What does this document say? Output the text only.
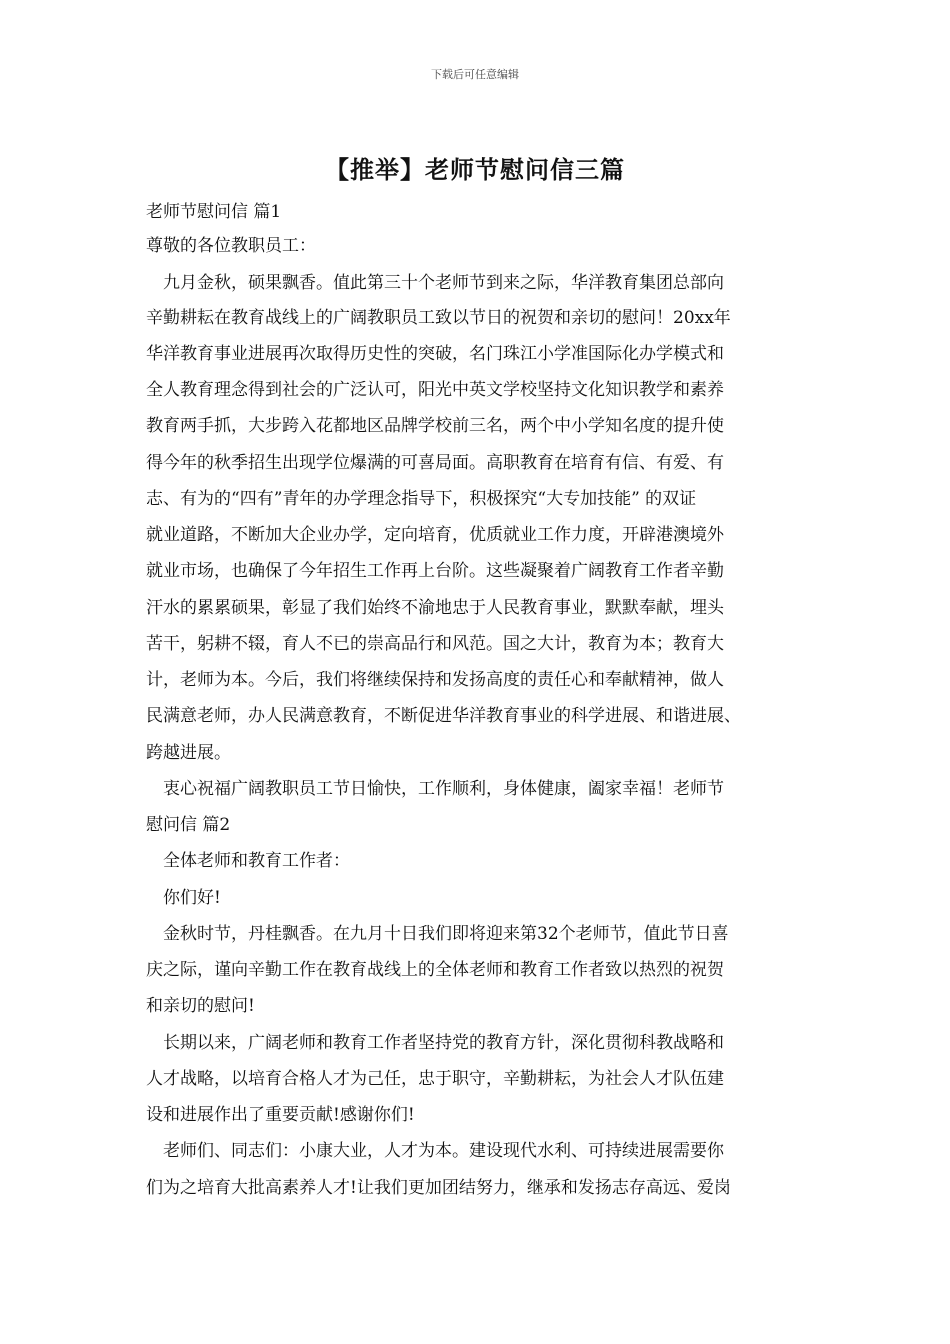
下载后可任意编辑
【推举】老师节慰问信三篇
老师节慰问信 篇1
尊敬的各位教职员工：
　九月金秋，硕果飘香。值此第三十个老师节到来之际，华洋教育集团总部向
辛勤耕耘在教育战线上的广阔教职员工致以节日的祝贺和亲切的慰问！20xx年
华洋教育事业进展再次取得历史性的突破，名门珠江小学准国际化办学模式和
全人教育理念得到社会的广泛认可，阳光中英文学校坚持文化知识教学和素养
教育两手抓，大步跨入花都地区品牌学校前三名，两个中小学知名度的提升使
得今年的秋季招生出现学位爆满的可喜局面。高职教育在培育有信、有爱、有
志、有为的“四有”青年的办学理念指导下，积极探究“大专加技能” 的双证
就业道路，不断加大企业办学，定向培育，优质就业工作力度，开辟港澳境外
就业市场，也确保了今年招生工作再上台阶。这些凝聚着广阔教育工作者辛勤
汗水的累累硕果，彰显了我们始终不渝地忠于人民教育事业，默默奉献，埋头
苦干，躬耕不辍，育人不已的崇高品行和风范。国之大计，教育为本；教育大
计，老师为本。今后，我们将继续保持和发扬高度的责任心和奉献精神，做人
民满意老师，办人民满意教育，不断促进华洋教育事业的科学进展、和谐进展、
跨越进展。
　衷心祝福广阔教职员工节日愉快，工作顺利，身体健康，阖家幸福！老师节
慰问信 篇2
　全体老师和教育工作者：
　你们好!
　金秋时节，丹桂飘香。在九月十日我们即将迎来第32个老师节，值此节日喜
庆之际，谨向辛勤工作在教育战线上的全体老师和教育工作者致以热烈的祝贺
和亲切的慰问!
　长期以来，广阔老师和教育工作者坚持党的教育方针，深化贯彻科教战略和
人才战略，以培育合格人才为己任，忠于职守，辛勤耕耘，为社会人才队伍建
设和进展作出了重要贡献!感谢你们!
　老师们、同志们：小康大业，人才为本。建设现代水利、可持续进展需要你
们为之培育大批高素养人才!让我们更加团结努力，继承和发扬志存高远、爱岗
